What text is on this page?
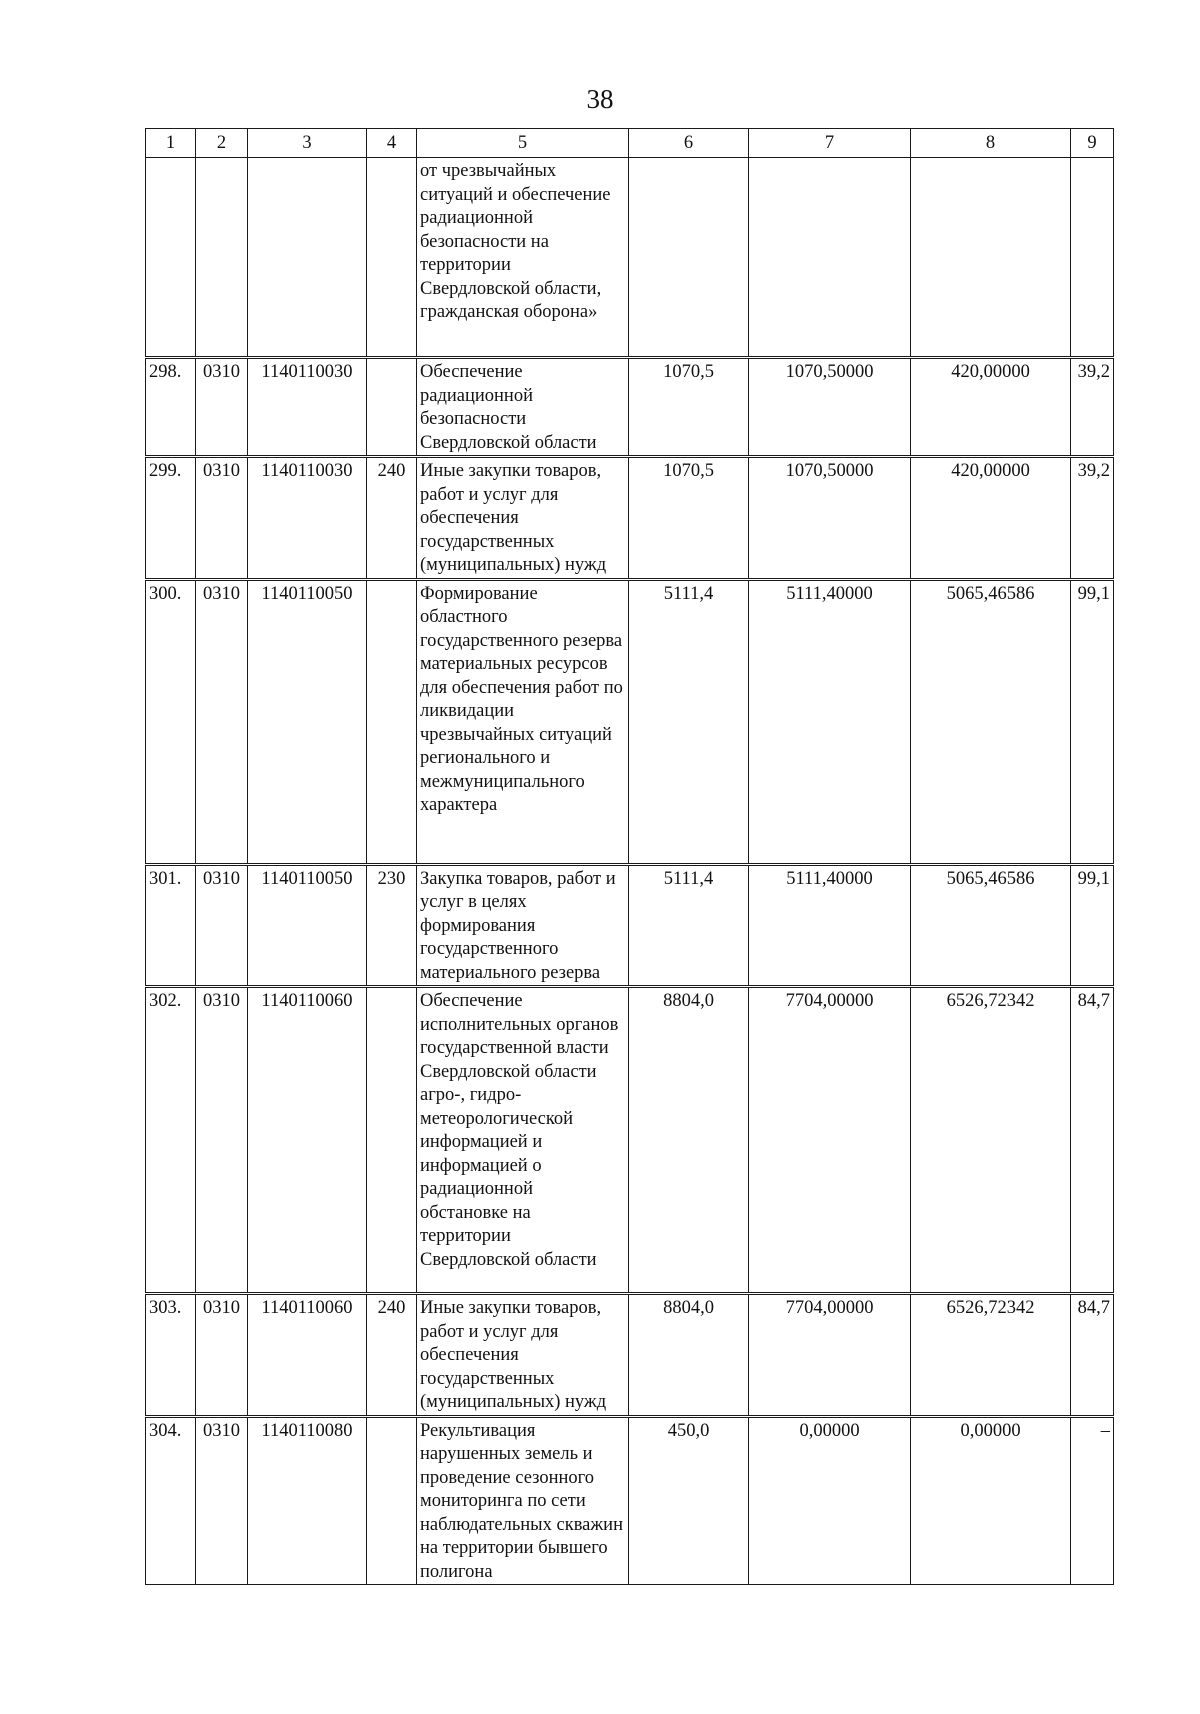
38
1	2	3	4	5	6	7	8	9
				от чрезвычайных ситуаций и обеспечение радиационной безопасности на территории Свердловской области, гражданская оборона»				
298.	0310	1140110030		Обеспечение радиационной безопасности Свердловской области	1070,5	1070,50000	420,00000	39,2
299.	0310	1140110030	240	Иные закупки товаров, работ и услуг для обеспечения государственных (муниципальных) нужд	1070,5	1070,50000	420,00000	39,2
300.	0310	1140110050		Формирование областного государственного резерва материальных ресурсов для обеспечения работ по ликвидации чрезвычайных ситуаций регионального и межмуниципального характера	5111,4	5111,40000	5065,46586	99,1
301.	0310	1140110050	230	Закупка товаров, работ и услуг в целях формирования государственного материального резерва	5111,4	5111,40000	5065,46586	99,1
302.	0310	1140110060		Обеспечение исполнительных органов государственной власти Свердловской области агро-, гидро-метеорологической информацией и информацией о радиационной обстановке на территории Свердловской области	8804,0	7704,00000	6526,72342	84,7
303.	0310	1140110060	240	Иные закупки товаров, работ и услуг для обеспечения государственных (муниципальных) нужд	8804,0	7704,00000	6526,72342	84,7
304.	0310	1140110080		Рекультивация нарушенных земель и проведение сезонного мониторинга по сети наблюдательных скважин на территории бывшего полигона	450,0	0,00000	0,00000	–
